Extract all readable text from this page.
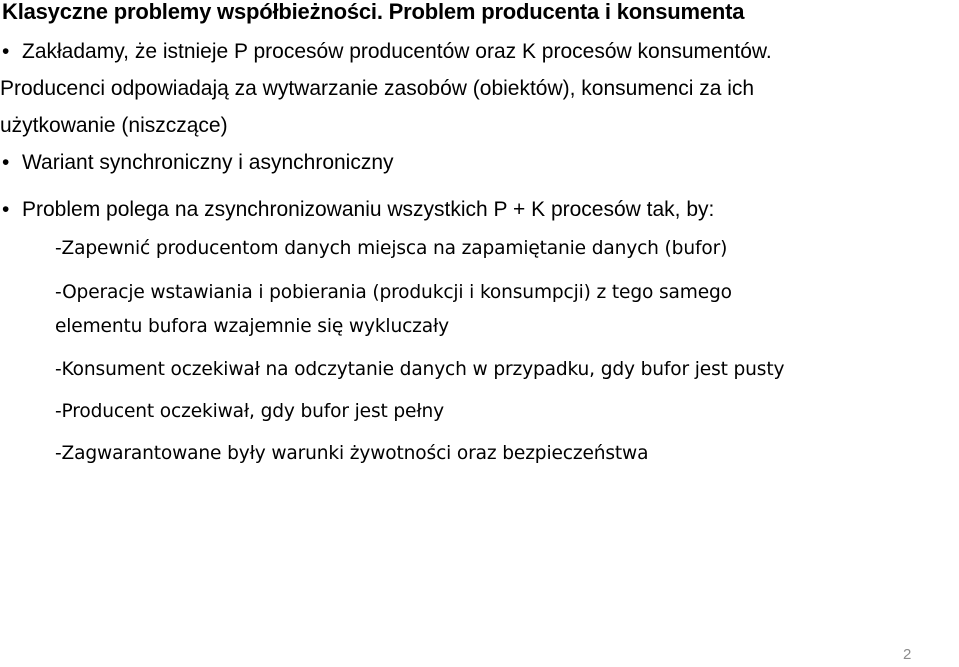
Klasyczne problemy współbieżności. Problem producenta i konsumenta
• Zakładamy, że istnieje P procesów producentów oraz K procesów konsumentów.
Producenci odpowiadają za wytwarzanie zasobów (obiektów), konsumenci za ich
użytkowanie (niszczące)
• Wariant synchroniczny i asynchroniczny
• Problem polega na zsynchronizowaniu wszystkich P + K procesów tak, by:
-Zapewnić producentom danych miejsca na zapamiętanie danych (bufor)
-Operacje wstawiania i pobierania (produkcji i konsumpcji) z tego samego
elementu bufora wzajemnie się wykluczały
-Konsument oczekiwał na odczytanie danych w przypadku, gdy bufor jest pusty
-Producent oczekiwał, gdy bufor jest pełny
-Zagwarantowane były warunki żywotności oraz bezpieczeństwa
2
